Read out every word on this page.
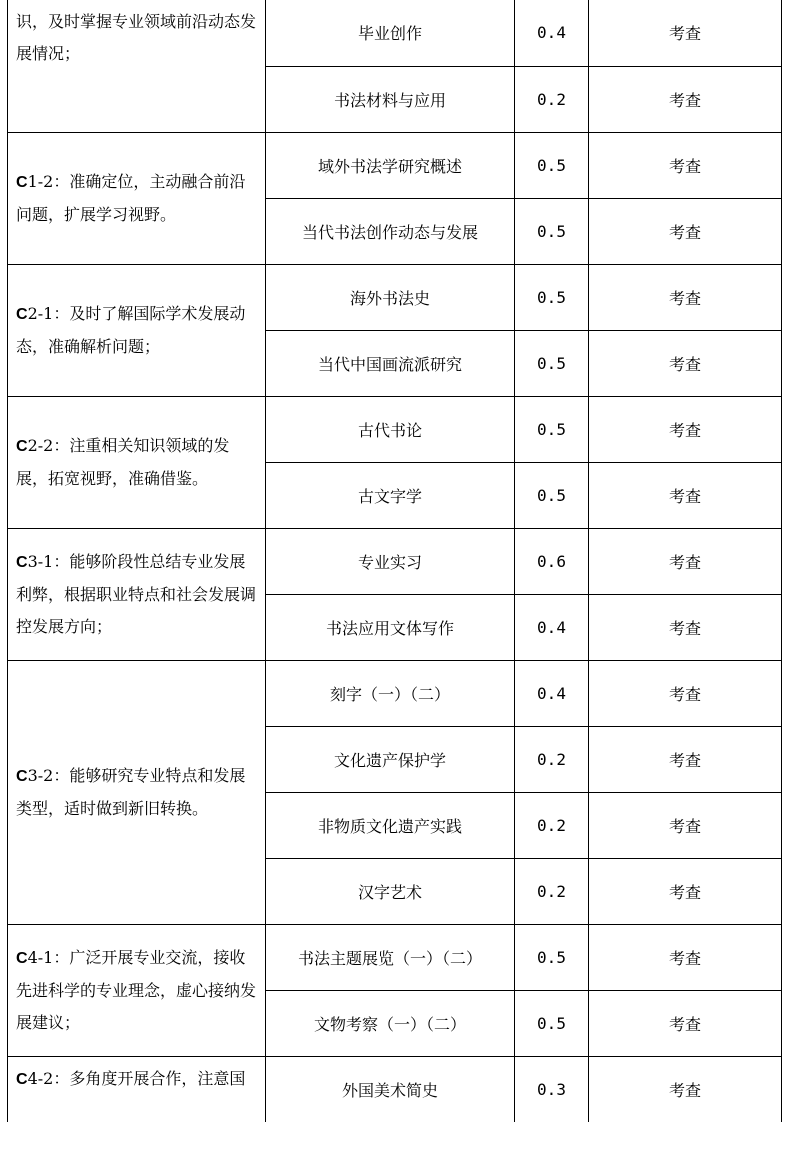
识，及时掌握专业领域前沿动态发展情况；	毕业创作	0.4	考查
	书法材料与应用	0.2	考查
C1-2：准确定位，主动融合前沿问题，扩展学习视野。	域外书法学研究概述	0.5	考查
	当代书法创作动态与发展	0.5	考查
C2-1：及时了解国际学术发展动态，准确解析问题；	海外书法史	0.5	考查
	当代中国画流派研究	0.5	考查
C2-2：注重相关知识领域的发展，拓宽视野，准确借鉴。	古代书论	0.5	考查
	古文字学	0.5	考查
C3-1：能够阶段性总结专业发展利弊，根据职业特点和社会发展调控发展方向；	专业实习	0.6	考查
	书法应用文体写作	0.4	考查
C3-2：能够研究专业特点和发展类型，适时做到新旧转换。	刻字（一）（二）	0.4	考查
	文化遗产保护学	0.2	考查
	非物质文化遗产实践	0.2	考查
	汉字艺术	0.2	考查
C4-1：广泛开展专业交流，接收先进科学的专业理念，虚心接纳发展建议；	书法主题展览（一）（二）	0.5	考查
	文物考察（一）（二）	0.5	考查
C4-2：多角度开展合作，注意国	外国美术简史	0.3	考查
